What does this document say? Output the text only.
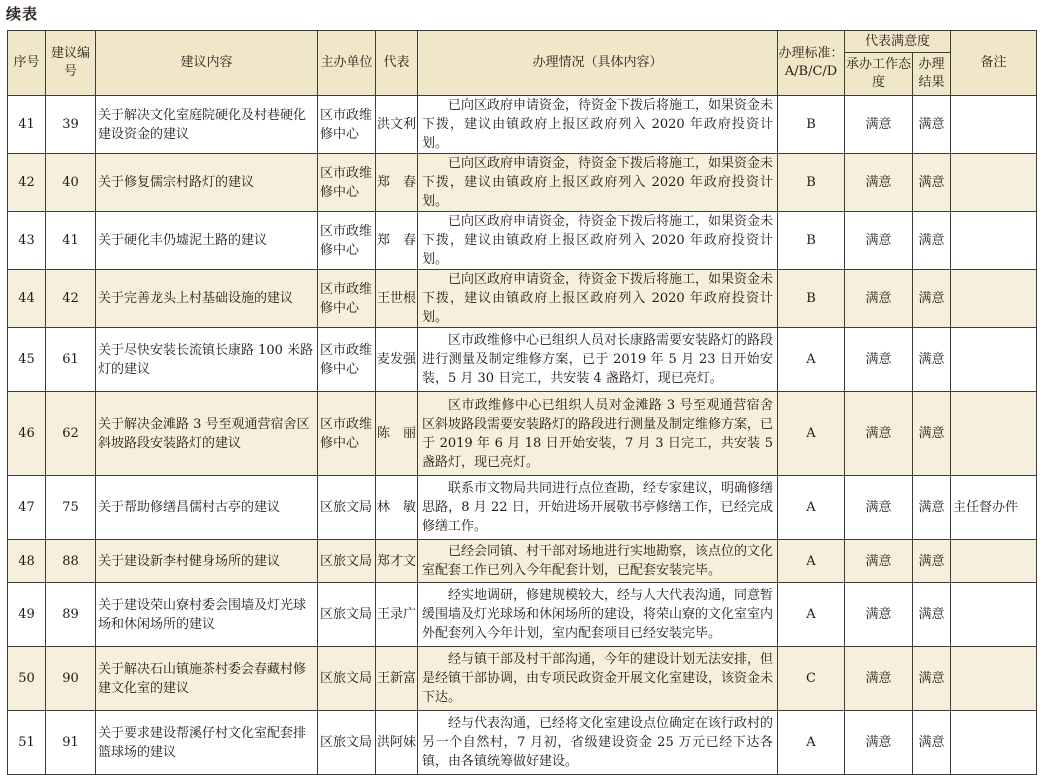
续表
序号	建议编号	建议内容	主办单位	代表	办理情况（具体内容）	办理标准：A/B/C/D	代表满意度		备注
							承办工作态度	办理结果	
41	39	关于解决文化室庭院硬化及村巷硬化建设资金的建议	区市政维修中心	洪文利	已向区政府申请资金，待资金下拨后将施工，如果资金未下拨，建议由镇政府上报区政府列入 2020 年政府投资计划。	B	满意	满意	
42	40	关于修复儒宗村路灯的建议	区市政维修中心	郑　春	已向区政府申请资金，待资金下拨后将施工，如果资金未下拨，建议由镇政府上报区政府列入 2020 年政府投资计划。	B	满意	满意	
43	41	关于硬化丰仍墟泥土路的建议	区市政维修中心	郑　春	已向区政府申请资金，待资金下拨后将施工，如果资金未下拨，建议由镇政府上报区政府列入 2020 年政府投资计划。	B	满意	满意	
44	42	关于完善龙头上村基础设施的建议	区市政维修中心	王世根	已向区政府申请资金，待资金下拨后将施工，如果资金未下拨，建议由镇政府上报区政府列入 2020 年政府投资计划。	B	满意	满意	
45	61	关于尽快安装长流镇长康路 100 米路灯的建议	区市政维修中心	麦发强	区市政维修中心已组织人员对长康路需要安装路灯的路段进行测量及制定维修方案，已于 2019 年 5 月 23 日开始安装，5 月 30 日完工，共安装 4 盏路灯，现已亮灯。	A	满意	满意	
46	62	关于解决金滩路 3 号至观通营宿舍区斜坡路段安装路灯的建议	区市政维修中心	陈　丽	区市政维修中心已组织人员对金滩路 3 号至观通营宿舍区斜坡路段需要安装路灯的路段进行测量及制定维修方案，已于 2019 年 6 月 18 日开始安装，7 月 3 日完工，共安装 5 盏路灯，现已亮灯。	A	满意	满意	
47	75	关于帮助修缮昌儒村古亭的建议	区旅文局	林　敏	联系市文物局共同进行点位查勘，经专家建议，明确修缮思路，8 月 22 日，开始进场开展敬书亭修缮工作，已经完成修缮工作。	A	满意	满意	主任督办件
48	88	关于建设新李村健身场所的建议	区旅文局	郑才文	已经会同镇、村干部对场地进行实地勘察，该点位的文化室配套工作已列入今年配套计划，已配套安装完毕。	A	满意	满意	
49	89	关于建设荣山寮村委会围墙及灯光球场和休闲场所的建议	区旅文局	王录广	经实地调研，修建规模较大，经与人大代表沟通，同意暂缓围墙及灯光球场和休闲场所的建设，将荣山寮的文化室室内外配套列入今年计划，室内配套项目已经安装完毕。	A	满意	满意	
50	90	关于解决石山镇施茶村委会春藏村修建文化室的建议	区旅文局	王新富	经与镇干部及村干部沟通，今年的建设计划无法安排，但是经镇干部协调，由专项民政资金开展文化室建设，该资金未下达。	C	满意	满意	
51	91	关于要求建设帮溪仔村文化室配套排篮球场的建议	区旅文局	洪阿妹	经与代表沟通，已经将文化室建设点位确定在该行政村的另一个自然村，7 月初，省级建设资金 25 万元已经下达各镇，由各镇统筹做好建设。	A	满意	满意	
